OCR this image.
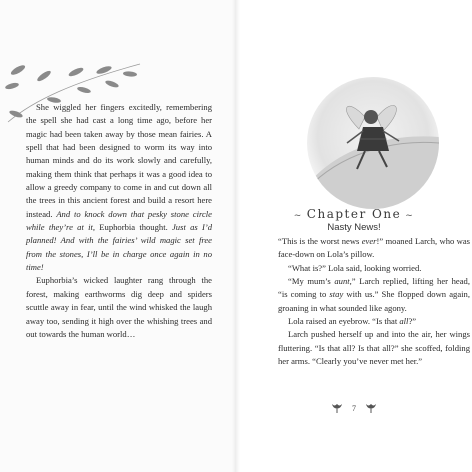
She wiggled her fingers excitedly, remembering the spell she had cast a long time ago, before her magic had been taken away by those mean fairies. A spell that had been designed to worm its way into human minds and do its work slowly and carefully, making them think that perhaps it was a good idea to allow a greedy company to come in and cut down all the trees in this ancient forest and build a resort here instead. And to knock down that pesky stone circle while they’re at it, Euphorbia thought. Just as I’d planned! And with the fairies’ wild magic set free from the stones, I’ll be in charge once again in no time!

Euphorbia’s wicked laughter rang through the forest, making earthworms dig deep and spiders scuttle away in fear, until the wind whisked the laugh away too, sending it high over the whishing trees and out towards the human world…

~ Chapter One ~
Nasty News!

“This is the worst news ever!” moaned Larch, who was face-down on Lola’s pillow.

“What is?” Lola said, looking worried.

“My mum’s aunt,” Larch replied, lifting her head, “is coming to stay with us.” She flopped down again, groaning in what sounded like agony.

Lola raised an eyebrow. “Is that all?”

Larch pushed herself up and into the air, her wings fluttering. “Is that all? Is that all?” she scoffed, folding her arms. “Clearly you’ve never met her.”

7
